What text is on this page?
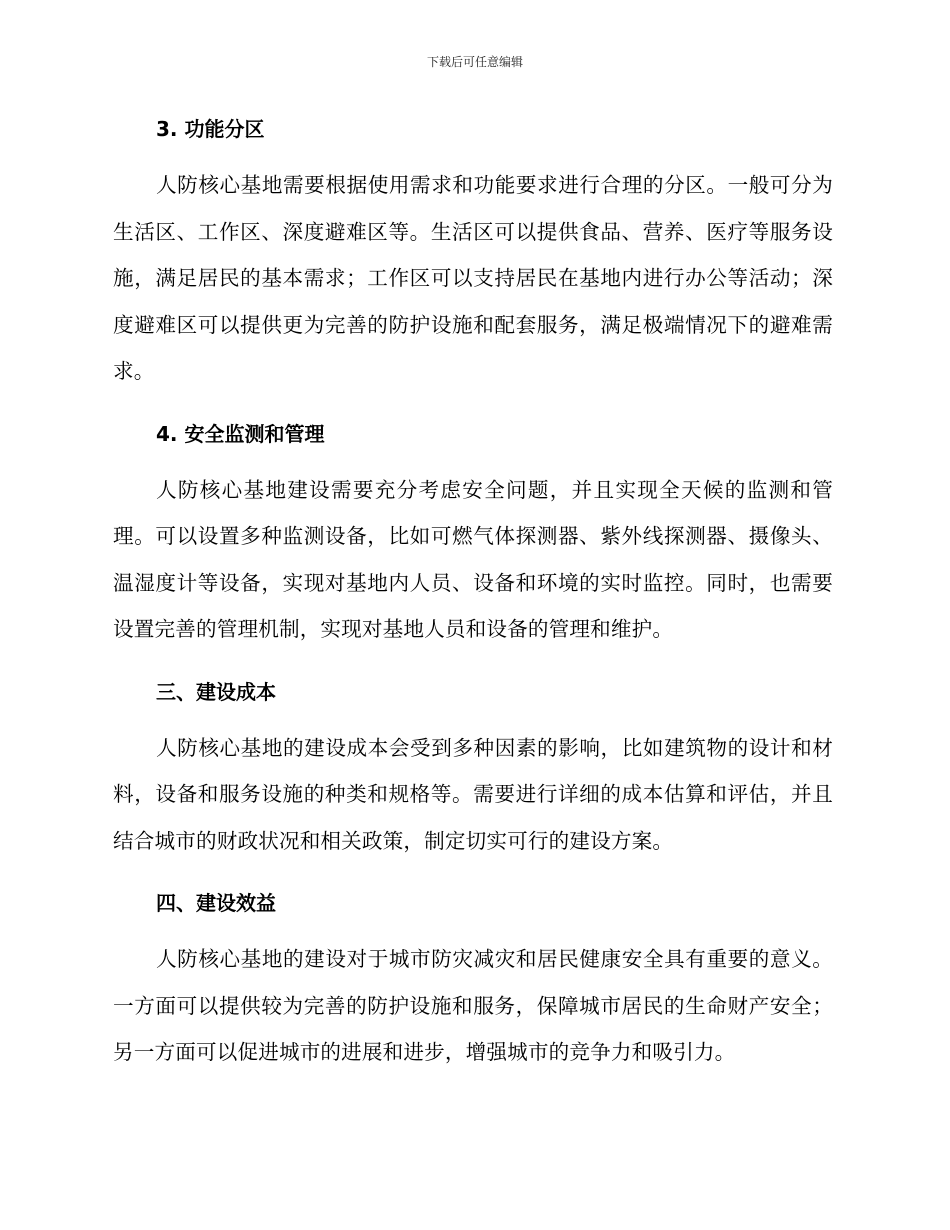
下载后可任意编辑
3. 功能分区

人防核心基地需要根据使用需求和功能要求进行合理的分区。一般可分为生活区、工作区、深度避难区等。生活区可以提供食品、营养、医疗等服务设施，满足居民的基本需求；工作区可以支持居民在基地内进行办公等活动；深度避难区可以提供更为完善的防护设施和配套服务，满足极端情况下的避难需求。

4. 安全监测和管理

人防核心基地建设需要充分考虑安全问题，并且实现全天候的监测和管理。可以设置多种监测设备，比如可燃气体探测器、紫外线探测器、摄像头、温湿度计等设备，实现对基地内人员、设备和环境的实时监控。同时，也需要设置完善的管理机制，实现对基地人员和设备的管理和维护。

三、建设成本

人防核心基地的建设成本会受到多种因素的影响，比如建筑物的设计和材料，设备和服务设施的种类和规格等。需要进行详细的成本估算和评估，并且结合城市的财政状况和相关政策，制定切实可行的建设方案。

四、建设效益

人防核心基地的建设对于城市防灾减灾和居民健康安全具有重要的意义。一方面可以提供较为完善的防护设施和服务，保障城市居民的生命财产安全；另一方面可以促进城市的进展和进步，增强城市的竞争力和吸引力。
